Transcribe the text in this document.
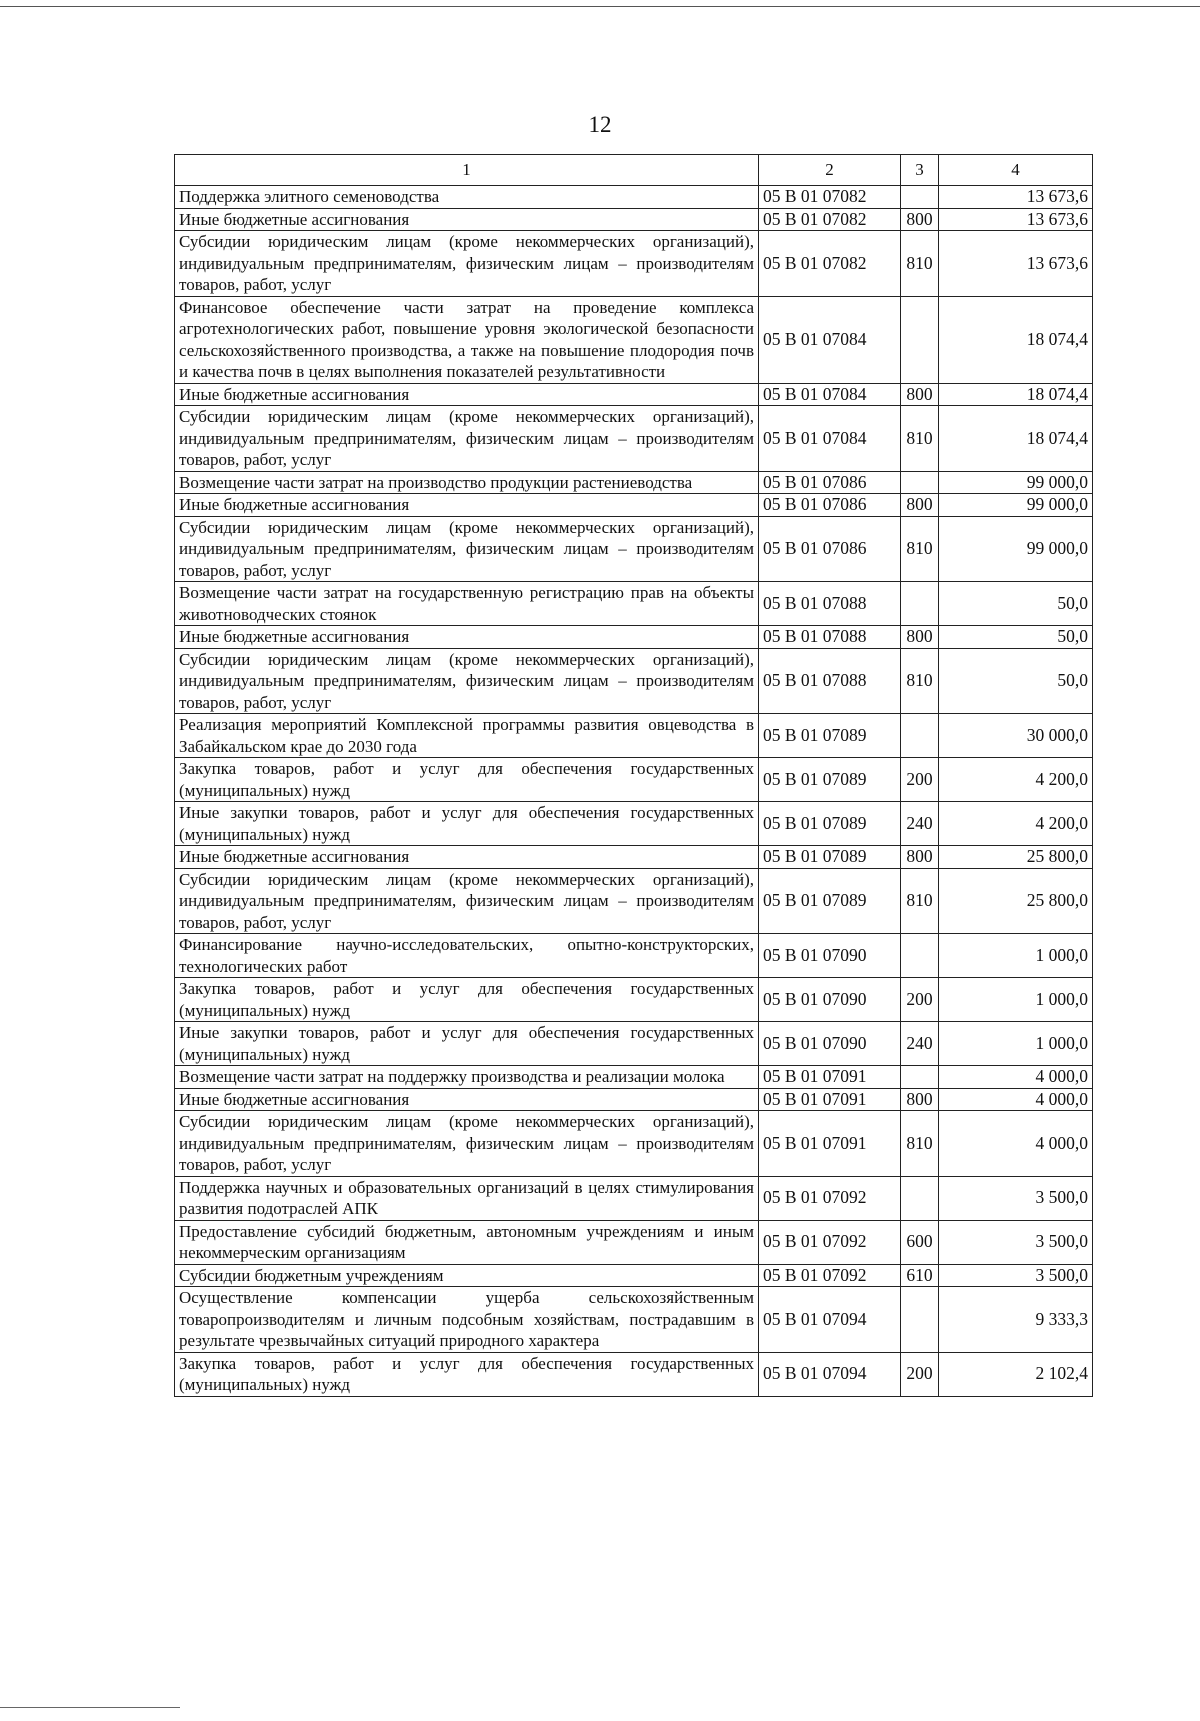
12
1	2	3	4
Поддержка элитного семеноводства	05 В 01 07082		13 673,6
Иные бюджетные ассигнования	05 В 01 07082	800	13 673,6
Субсидии юридическим лицам (кроме некоммерческих организаций), индивидуальным предпринимателям, физическим лицам – производителям товаров, работ, услуг	05 В 01 07082	810	13 673,6
Финансовое обеспечение части затрат на проведение комплекса агротехнологических работ, повышение уровня экологической безопасности сельскохозяйственного производства, а также на повышение плодородия почв и качества почв в целях выполнения показателей результативности	05 В 01 07084		18 074,4
Иные бюджетные ассигнования	05 В 01 07084	800	18 074,4
Субсидии юридическим лицам (кроме некоммерческих организаций), индивидуальным предпринимателям, физическим лицам – производителям товаров, работ, услуг	05 В 01 07084	810	18 074,4
Возмещение части затрат на производство продукции растениеводства	05 В 01 07086		99 000,0
Иные бюджетные ассигнования	05 В 01 07086	800	99 000,0
Субсидии юридическим лицам (кроме некоммерческих организаций), индивидуальным предпринимателям, физическим лицам – производителям товаров, работ, услуг	05 В 01 07086	810	99 000,0
Возмещение части затрат на государственную регистрацию прав на объекты животноводческих стоянок	05 В 01 07088		50,0
Иные бюджетные ассигнования	05 В 01 07088	800	50,0
Субсидии юридическим лицам (кроме некоммерческих организаций), индивидуальным предпринимателям, физическим лицам – производителям товаров, работ, услуг	05 В 01 07088	810	50,0
Реализация мероприятий Комплексной программы развития овцеводства в Забайкальском крае до 2030 года	05 В 01 07089		30 000,0
Закупка товаров, работ и услуг для обеспечения государственных (муниципальных) нужд	05 В 01 07089	200	4 200,0
Иные закупки товаров, работ и услуг для обеспечения государственных (муниципальных) нужд	05 В 01 07089	240	4 200,0
Иные бюджетные ассигнования	05 В 01 07089	800	25 800,0
Субсидии юридическим лицам (кроме некоммерческих организаций), индивидуальным предпринимателям, физическим лицам – производителям товаров, работ, услуг	05 В 01 07089	810	25 800,0
Финансирование научно-исследовательских, опытно-конструкторских, технологических работ	05 В 01 07090		1 000,0
Закупка товаров, работ и услуг для обеспечения государственных (муниципальных) нужд	05 В 01 07090	200	1 000,0
Иные закупки товаров, работ и услуг для обеспечения государственных (муниципальных) нужд	05 В 01 07090	240	1 000,0
Возмещение части затрат на поддержку производства и реализации молока	05 В 01 07091		4 000,0
Иные бюджетные ассигнования	05 В 01 07091	800	4 000,0
Субсидии юридическим лицам (кроме некоммерческих организаций), индивидуальным предпринимателям, физическим лицам – производителям товаров, работ, услуг	05 В 01 07091	810	4 000,0
Поддержка научных и образовательных организаций в целях стимулирования развития подотраслей АПК	05 В 01 07092		3 500,0
Предоставление субсидий бюджетным, автономным учреждениям и иным некоммерческим организациям	05 В 01 07092	600	3 500,0
Субсидии бюджетным учреждениям	05 В 01 07092	610	3 500,0
Осуществление компенсации ущерба сельскохозяйственным товаропроизводителям и личным подсобным хозяйствам, пострадавшим в результате чрезвычайных ситуаций природного характера	05 В 01 07094		9 333,3
Закупка товаров, работ и услуг для обеспечения государственных (муниципальных) нужд	05 В 01 07094	200	2 102,4
